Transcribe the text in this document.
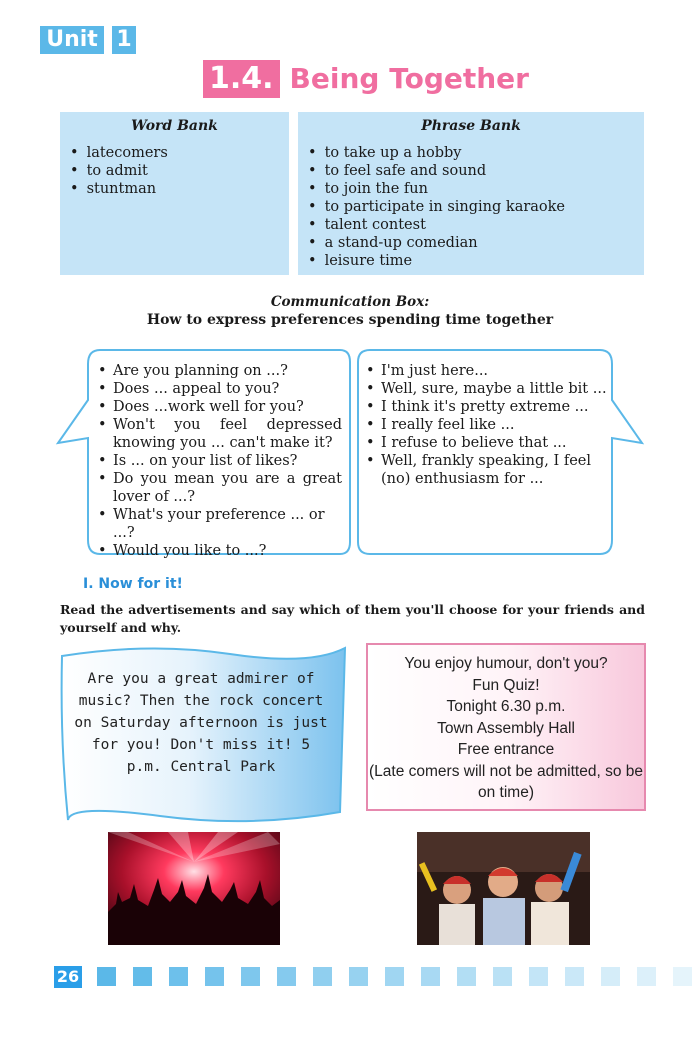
Unit 1
1.4. Being Together
Word Bank
• latecomers
• to admit
• stuntman
Phrase Bank
• to take up a hobby
• to feel safe and sound
• to join the fun
• to participate in singing karaoke
• talent contest
• a stand-up comedian
• leisure time
Communication Box:
How to express preferences spending time together
• Are you planning on ...?
• Does ... appeal to you?
• Does ...work well for you?
• Won't you feel depressed knowing you ... can't make it?
• Is ... on your list of likes?
• Do you mean you are a great lover of ...?
• What's your preference ... or ...?
• Would you like to ...?
• I'm just here...
• Well, sure, maybe a little bit ...
• I think it's pretty extreme ...
• I really feel like ...
• I refuse to believe that ...
• Well, frankly speaking, I feel (no) enthusiasm for ...
I. Now for it!
Read the advertisements and say which of them you'll choose for your friends and yourself and why.
Are you a great admirer of music? Then the rock concert on Saturday afternoon is just for you! Don't miss it! 5 p.m. Central Park
You enjoy humour, don't you?
Fun Quiz!
Tonight 6.30 p.m.
Town Assembly Hall
Free entrance
(Late comers will not be admitted, so be on time)
26
